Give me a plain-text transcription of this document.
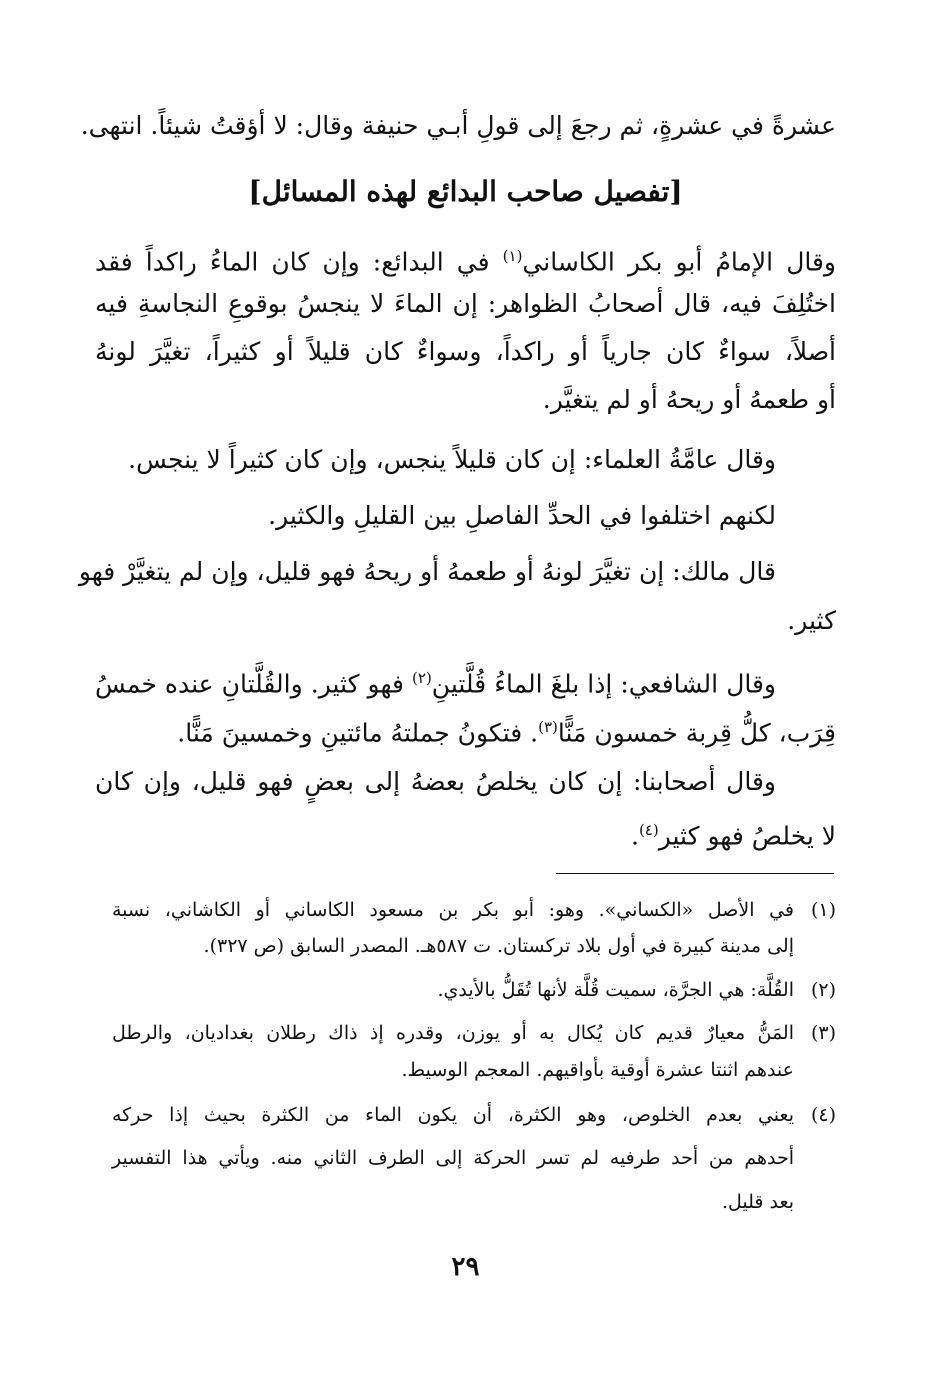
عشرةً في عشرةٍ، ثم رجعَ إلى قولِ أبـي حنيفة وقال: لا أؤقتُ شيئاً. انتهى.
[تفصيل صاحب البدائع لهذه المسائل]
وقال الإمامُ أبو بكر الكاساني$^{(١)}$ في البدائع: وإن كان الماءُ راكداً فقد
اختُلِفَ فيه، قال أصحابُ الظواهر: إن الماءَ لا ينجسُ بوقوعِ النجاسةِ فيه
أصلاً، سواءٌ كان جارياً أو راكداً، وسواءٌ كان قليلاً أو كثيراً، تغيَّرَ لونهُ
أو طعمهُ أو ريحهُ أو لم يتغيَّر.
وقال عامَّةُ العلماء: إن كان قليلاً ينجس، وإن كان كثيراً لا ينجس.
لكنهم اختلفوا في الحدِّ الفاصلِ بين القليلِ والكثير.
قال مالك: إن تغيَّرَ لونهُ أو طعمهُ أو ريحهُ فهو قليل، وإن لم يتغيَّرْ فهو
كثير.
وقال الشافعي: إذا بلغَ الماءُ قُلَّتينِ$^{(٢)}$ فهو كثير. والقُلَّتانِ عنده خمسُ
قِرَب، كلُّ قِربة خمسون مَنًّا$^{(٣)}$. فتكونُ جملتهُ مائتينِ وخمسينَ مَنًّا.
وقال أصحابنا: إن كان يخلصُ بعضهُ إلى بعضٍ فهو قليل، وإن كان
لا يخلصُ فهو كثير$^{(٤)}$.
(١)
في الأصل «الكساني». وهو: أبو بكر بن مسعود الكاساني أو الكاشاني، نسبة
إلى مدينة كبيرة في أول بلاد تركستان. ت ٥٨٧هـ. المصدر السابق (ص ٣٢٧).
(٢)
القُلَّة: هي الجرَّة، سميت قُلَّة لأنها تُقَلُّ بالأيدي.
(٣)
المَنُّ معيارٌ قديم كان يُكال به أو يوزن، وقدره إذ ذاك رطلان بغداديان، والرطل
عندهم اثنتا عشرة أوقية بأواقيهم. المعجم الوسيط.
(٤)
يعني بعدم الخلوص، وهو الكثرة، أن يكون الماء من الكثرة بحيث إذا حركه
أحدهم من أحد طرفيه لم تسر الحركة إلى الطرف الثاني منه. ويأتي هذا التفسير
بعد قليل.
٢٩
